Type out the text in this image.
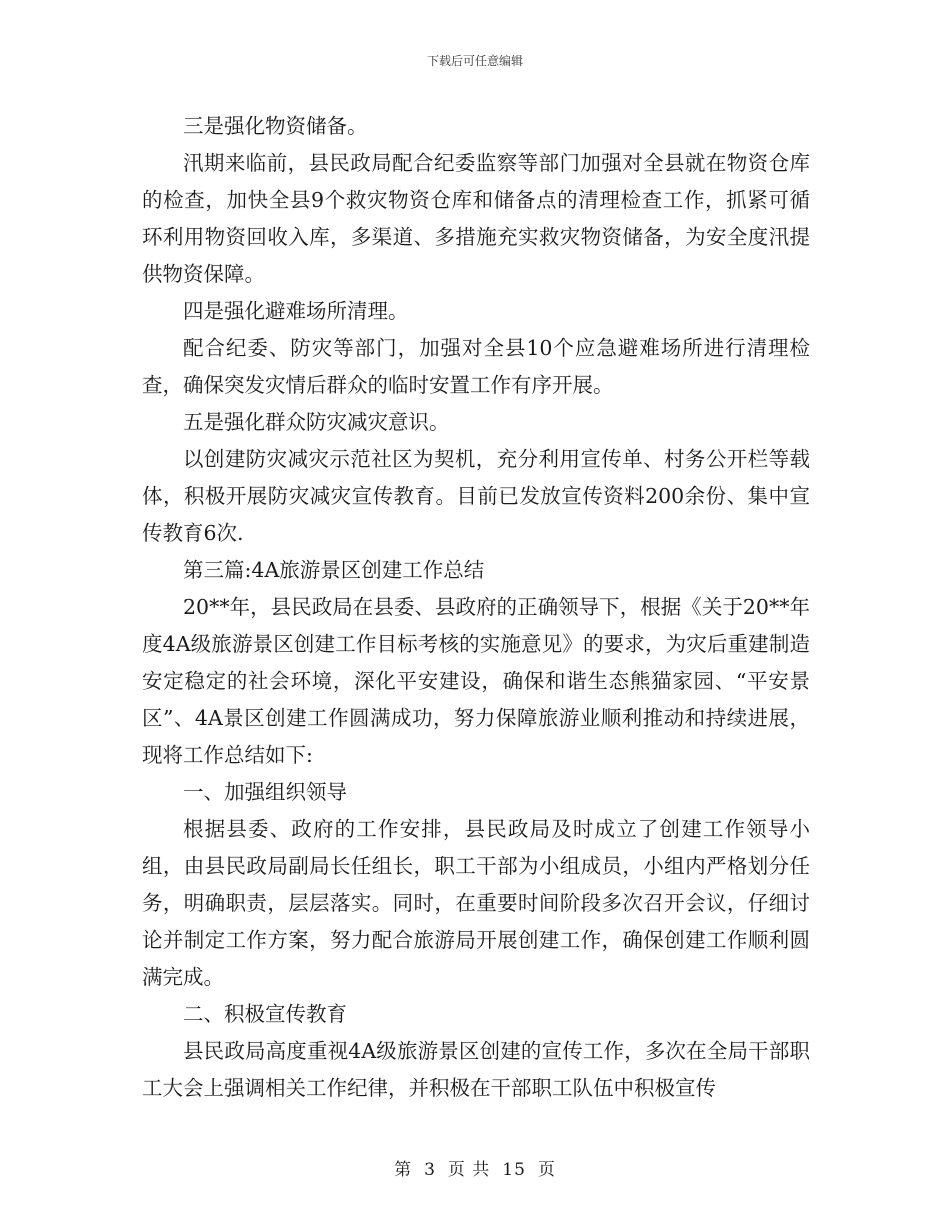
下载后可任意编辑

三是强化物资储备。

汛期来临前，县民政局配合纪委监察等部门加强对全县就在物资仓库的检查，加快全县9个救灾物资仓库和储备点的清理检查工作，抓紧可循环利用物资回收入库，多渠道、多措施充实救灾物资储备，为安全度汛提供物资保障。

四是强化避难场所清理。

配合纪委、防灾等部门，加强对全县10个应急避难场所进行清理检查，确保突发灾情后群众的临时安置工作有序开展。

五是强化群众防灾减灾意识。

以创建防灾减灾示范社区为契机，充分利用宣传单、村务公开栏等载体，积极开展防灾减灾宣传教育。目前已发放宣传资料200余份、集中宣传教育6次.

第三篇:4A旅游景区创建工作总结

20**年，县民政局在县委、县政府的正确领导下，根据《关于20**年度4A级旅游景区创建工作目标考核的实施意见》的要求，为灾后重建制造安定稳定的社会环境，深化平安建设，确保和谐生态熊猫家园、“平安景区”、4A景区创建工作圆满成功，努力保障旅游业顺利推动和持续进展，现将工作总结如下:

一、加强组织领导

根据县委、政府的工作安排，县民政局及时成立了创建工作领导小组，由县民政局副局长任组长，职工干部为小组成员，小组内严格划分任务，明确职责，层层落实。同时，在重要时间阶段多次召开会议，仔细讨论并制定工作方案，努力配合旅游局开展创建工作，确保创建工作顺利圆满完成。

二、积极宣传教育

县民政局高度重视4A级旅游景区创建的宣传工作，多次在全局干部职工大会上强调相关工作纪律，并积极在干部职工队伍中积极宣传

第 3 页 共 15 页
